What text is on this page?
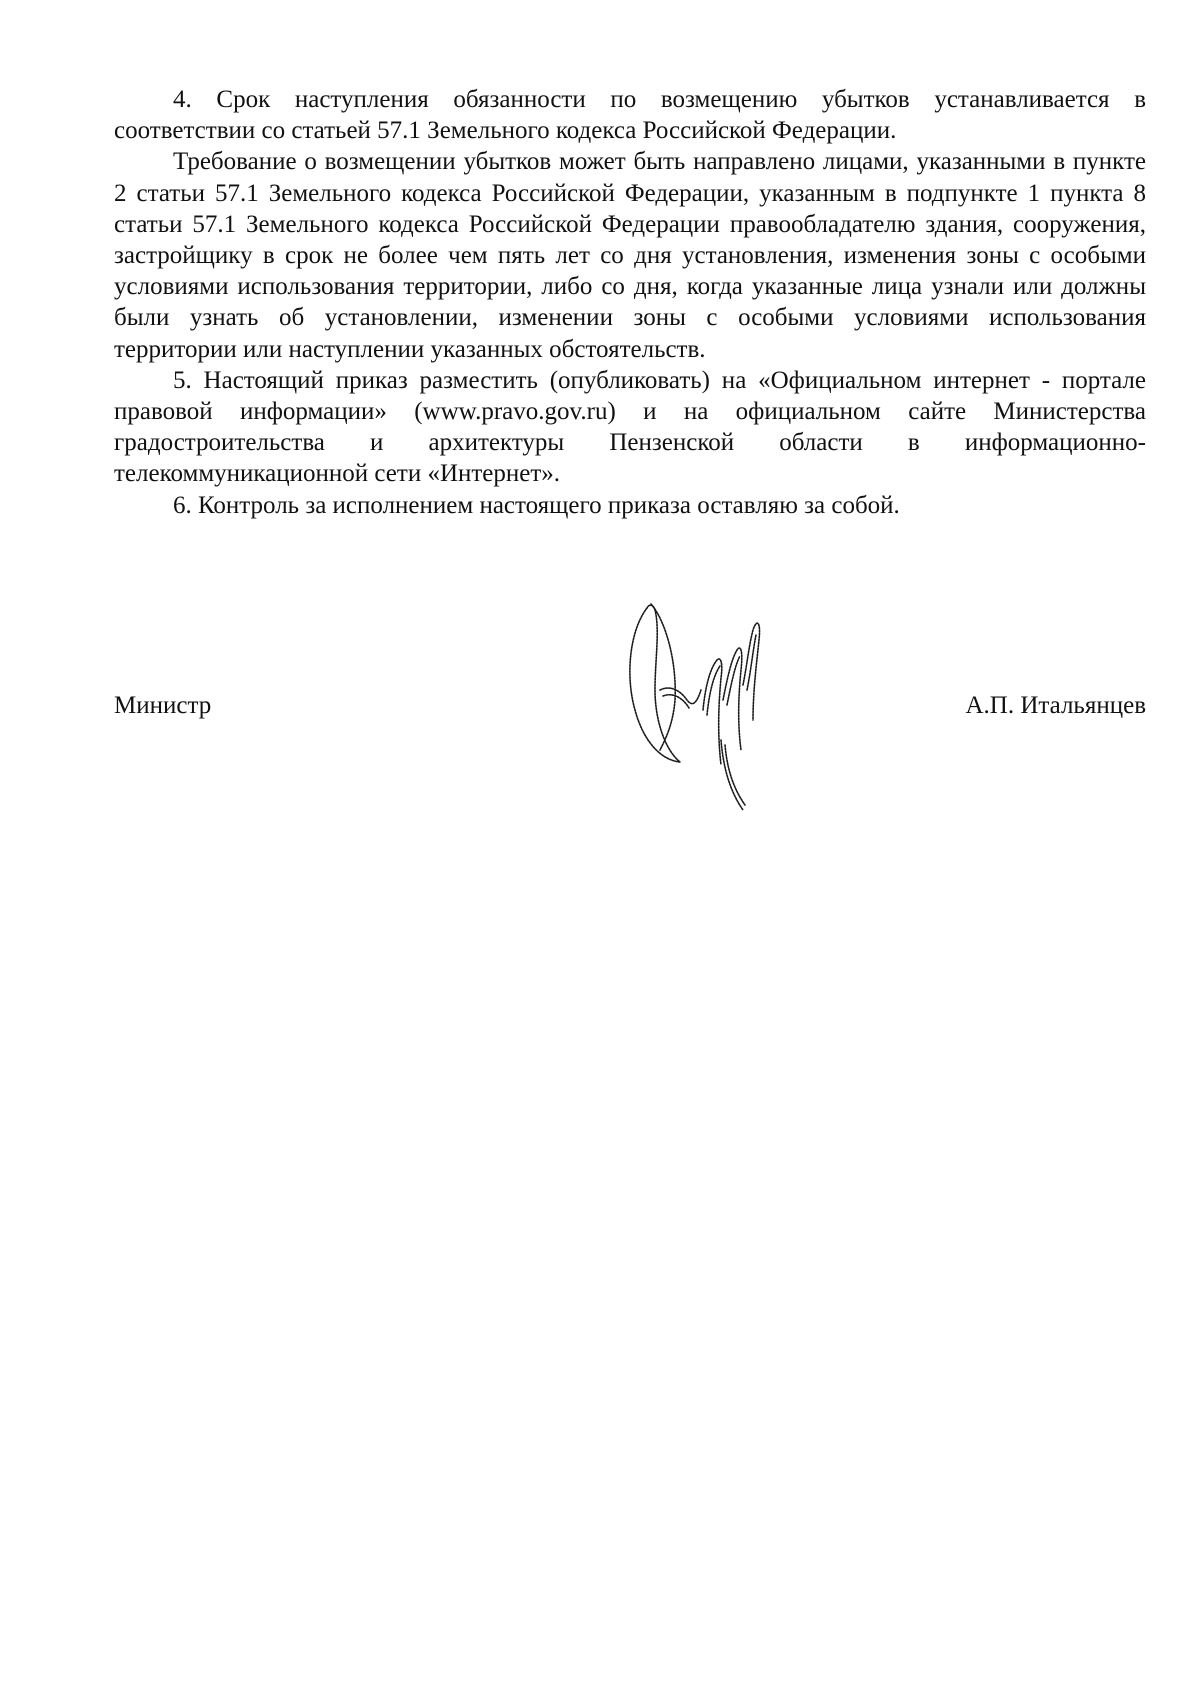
4. Срок наступления обязанности по возмещению убытков устанавливается в соответствии со статьей 57.1 Земельного кодекса Российской Федерации.

Требование о возмещении убытков может быть направлено лицами, указанными в пункте 2 статьи 57.1 Земельного кодекса Российской Федерации, указанным в подпункте 1 пункта 8 статьи 57.1 Земельного кодекса Российской Федерации правообладателю здания, сооружения, застройщику в срок не более чем пять лет со дня установления, изменения зоны с особыми условиями использования территории, либо со дня, когда указанные лица узнали или должны были узнать об установлении, изменении зоны с особыми условиями использования территории или наступлении указанных обстоятельств.

5. Настоящий приказ разместить (опубликовать) на «Официальном интернет - портале правовой информации» (www.pravo.gov.ru) и на официальном сайте Министерства градостроительства и архитектуры Пензенской области в информационно-телекоммуникационной сети «Интернет».

6. Контроль за исполнением настоящего приказа оставляю за собой.

Министр	А.П. Итальянцев
